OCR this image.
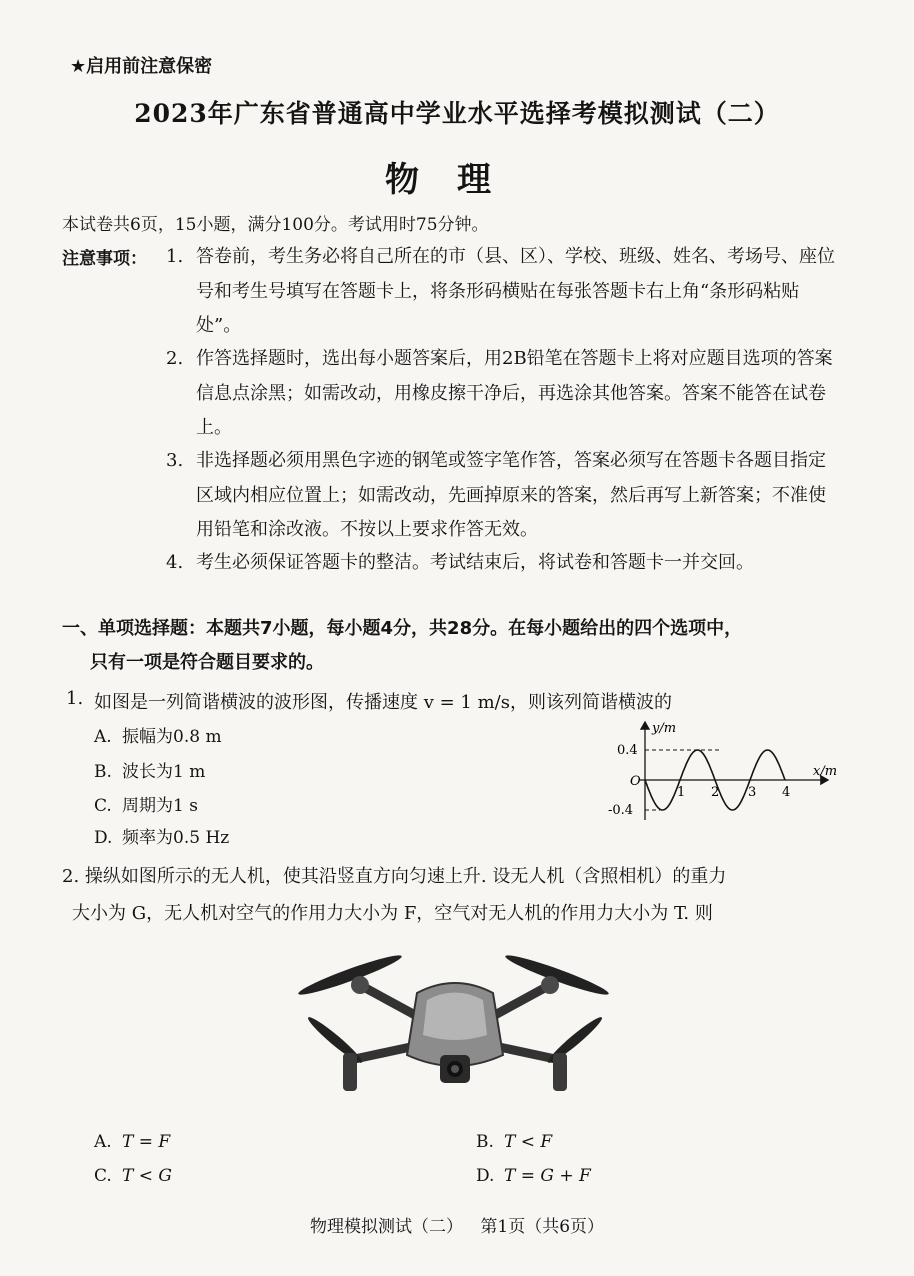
★启用前注意保密
2023年广东省普通高中学业水平选择考模拟测试（二）
物理
本试卷共6页，15小题，满分100分。考试用时75分钟。
注意事项： 1. 答卷前，考生务必将自己所在的市（县、区）、学校、班级、姓名、考场号、座位号和考生号填写在答题卡上，将条形码横贴在每张答题卡右上角“条形码粘贴处”。
2. 作答选择题时，选出每小题答案后，用2B铅笔在答题卡上将对应题目选项的答案信息点涂黑；如需改动，用橡皮擦干净后，再选涂其他答案。答案不能答在试卷上。
3. 非选择题必须用黑色字迹的钢笔或签字笔作答，答案必须写在答题卡各题目指定区域内相应位置上；如需改动，先画掉原来的答案，然后再写上新答案；不准使用铅笔和涂改液。不按以上要求作答无效。
4. 考生必须保证答题卡的整洁。考试结束后，将试卷和答题卡一并交回。
一、单项选择题：本题共7小题，每小题4分，共28分。在每小题给出的四个选项中，
只有一项是符合题目要求的。
1. 如图是一列简谐横波的波形图，传播速度 v = 1 m/s，则该列简谐横波的
A. 振幅为0.8 m
B. 波长为1 m
C. 周期为1 s
D. 频率为0.5 Hz
y/m
x/m
O
0.4
-0.4
1 2 3 4
2. 操纵如图所示的无人机，使其沿竖直方向匀速上升. 设无人机（含照相机）的重力
大小为 G，无人机对空气的作用力大小为 F，空气对无人机的作用力大小为 T. 则
A. T = F	B. T < F
C. T < G	D. T = G + F
物理模拟测试（二） 第1页（共6页）
